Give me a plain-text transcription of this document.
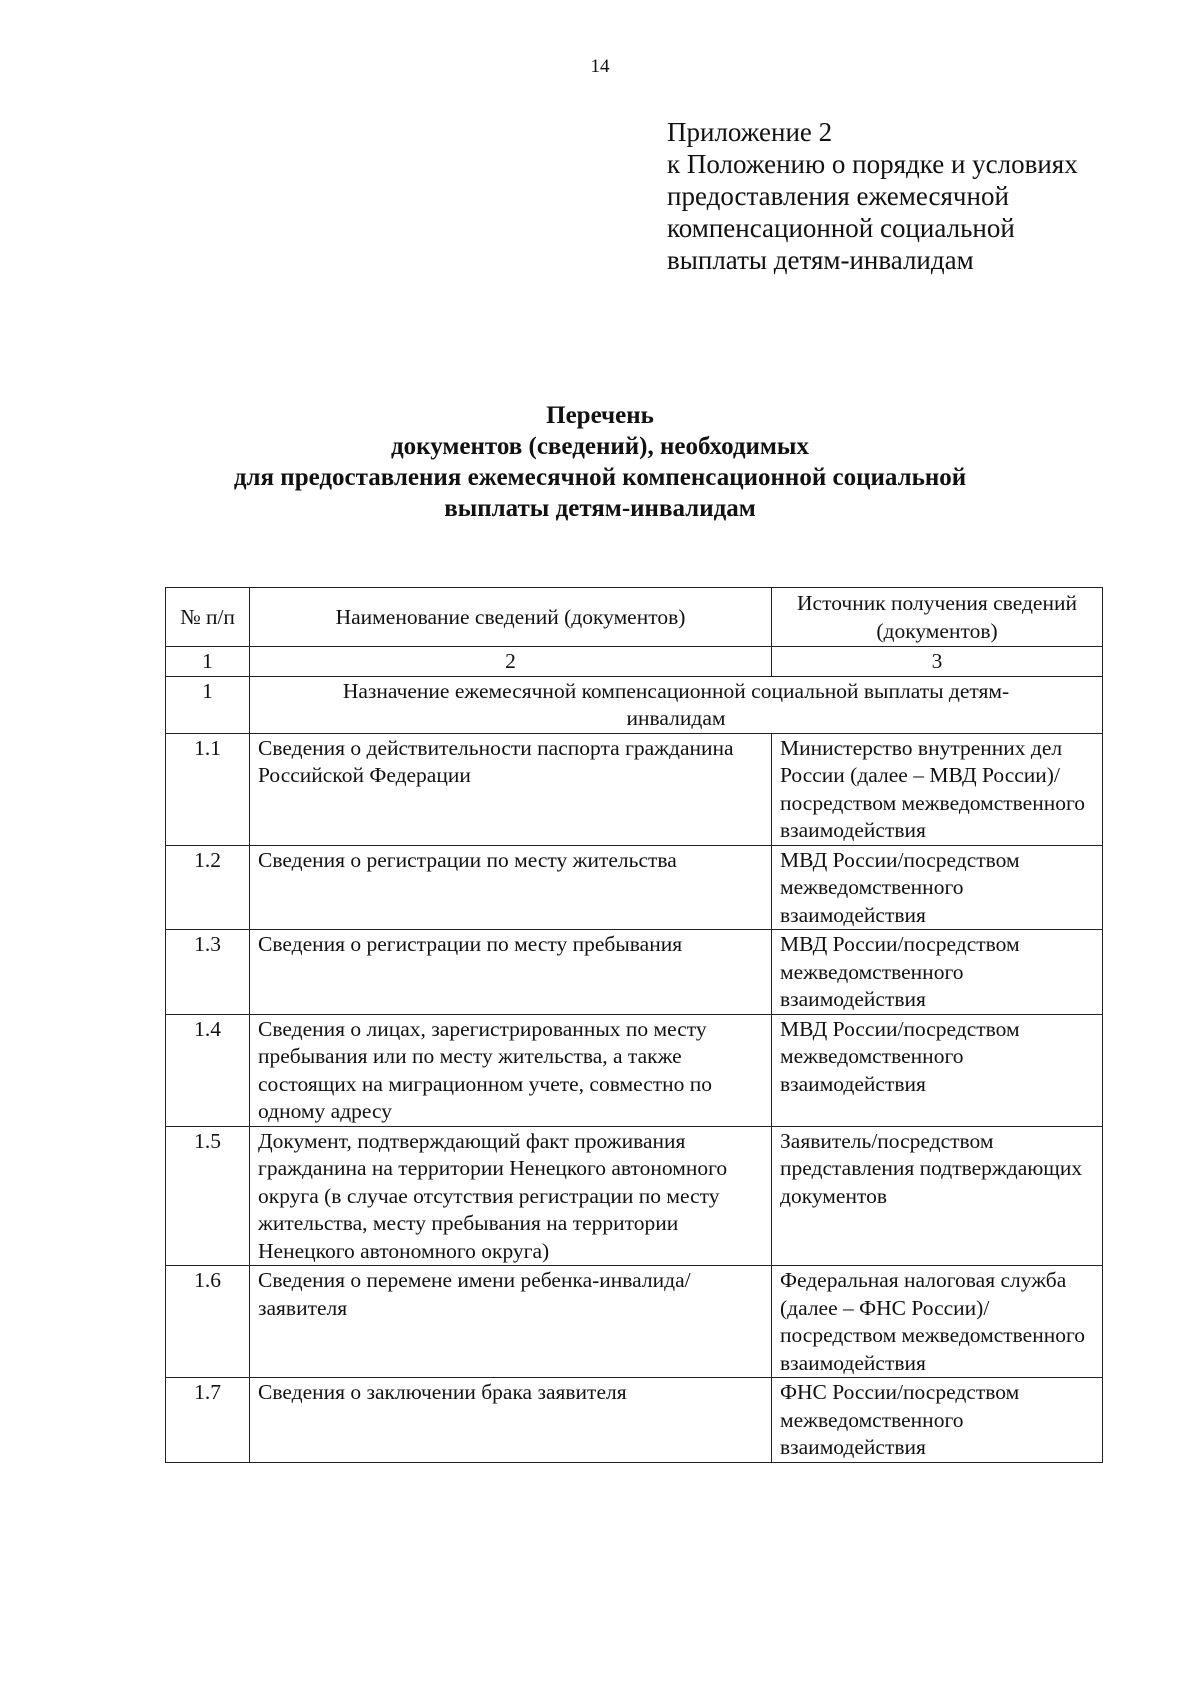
14
Приложение 2
к Положению о порядке и условиях
предоставления ежемесячной
компенсационной социальной
выплаты детям-инвалидам
Перечень
документов (сведений), необходимых
для предоставления ежемесячной компенсационной социальной
выплаты детям-инвалидам
№ п/п	Наименование сведений (документов)	Источник получения сведений (документов)
1	2	3
1	Назначение ежемесячной компенсационной социальной выплаты детям-инвалидам	
1.1	Сведения о действительности паспорта гражданина Российской Федерации	Министерство внутренних дел России (далее – МВД России)/посредством межведомственного взаимодействия
1.2	Сведения о регистрации по месту жительства	МВД России/посредством межведомственного взаимодействия
1.3	Сведения о регистрации по месту пребывания	МВД России/посредством межведомственного взаимодействия
1.4	Сведения о лицах, зарегистрированных по месту пребывания или по месту жительства, а также состоящих на миграционном учете, совместно по одному адресу	МВД России/посредством межведомственного взаимодействия
1.5	Документ, подтверждающий факт проживания гражданина на территории Ненецкого автономного округа (в случае отсутствия регистрации по месту жительства, месту пребывания на территории Ненецкого автономного округа)	Заявитель/посредством представления подтверждающих документов
1.6	Сведения о перемене имени ребенка-инвалида/заявителя	Федеральная налоговая служба (далее – ФНС России)/посредством межведомственного взаимодействия
1.7	Сведения о заключении брака заявителя	ФНС России/посредством межведомственного взаимодействия
